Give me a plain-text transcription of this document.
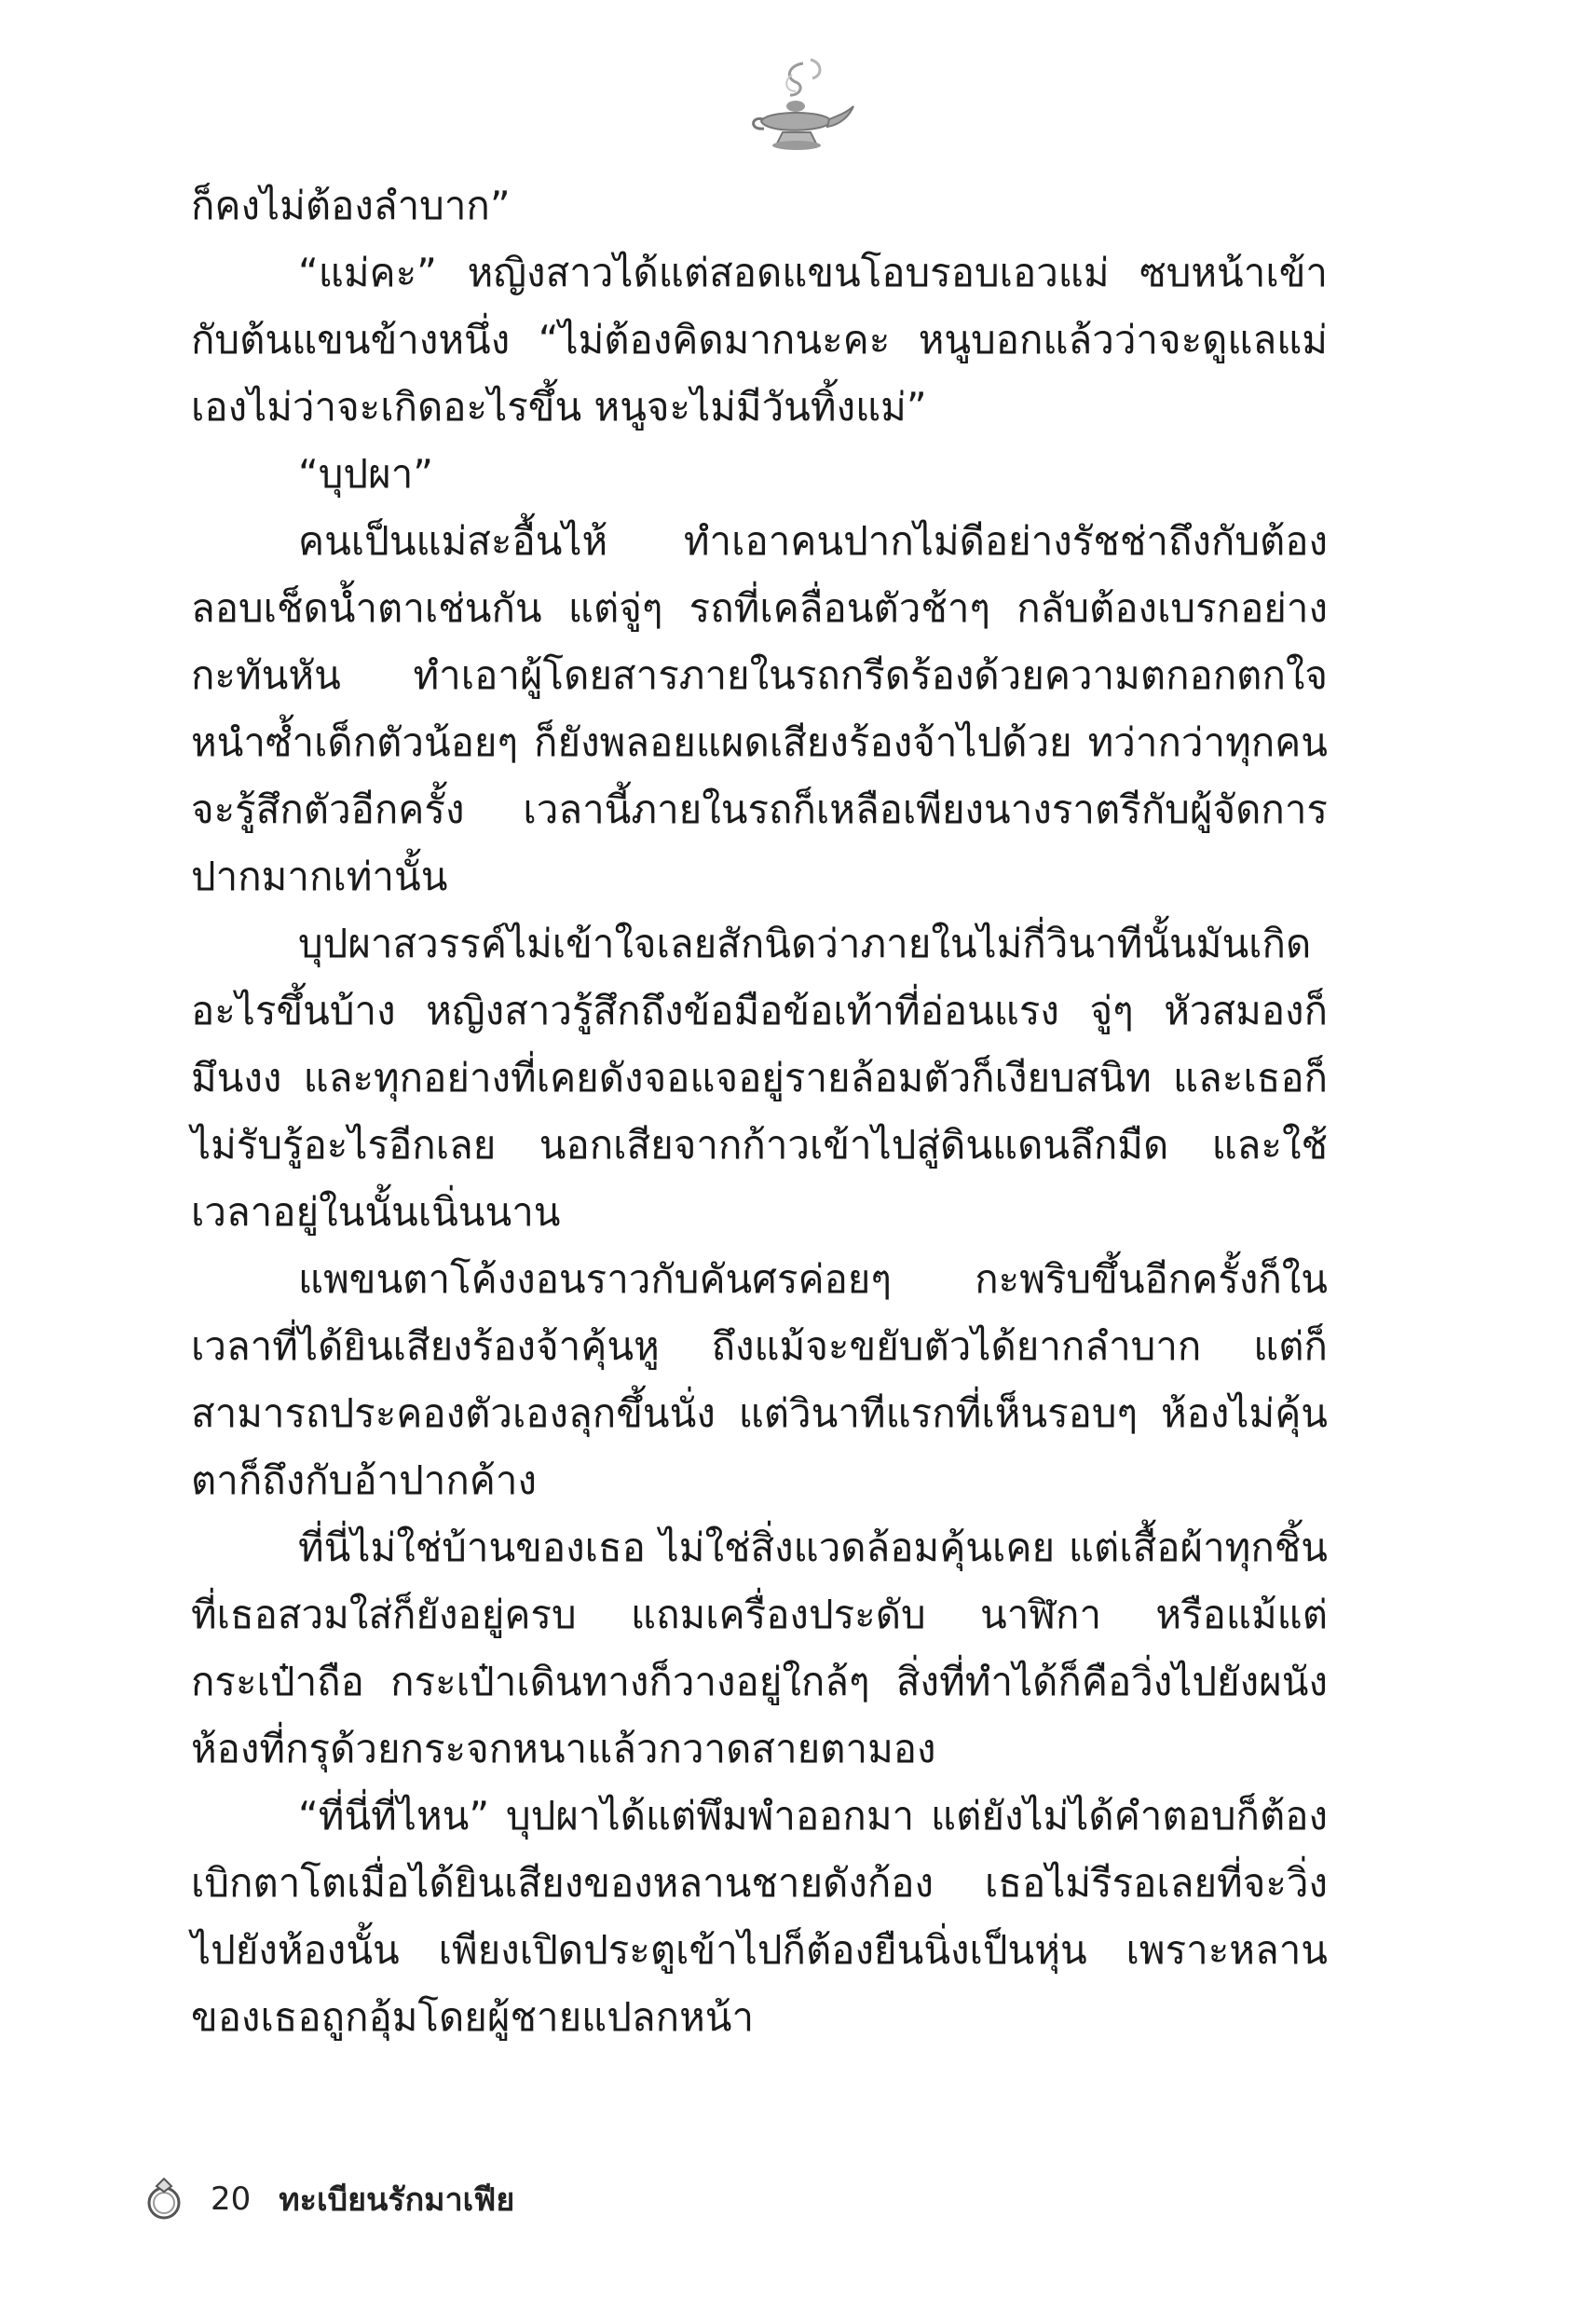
ก็คงไม่ต้องลำบาก”

“แม่คะ” หญิงสาวได้แต่สอดแขนโอบรอบเอวแม่ ซบหน้าเข้ากับต้นแขนข้างหนึ่ง “ไม่ต้องคิดมากนะคะ หนูบอกแล้วว่าจะดูแลแม่เองไม่ว่าจะเกิดอะไรขึ้น หนูจะไม่มีวันทิ้งแม่”

“บุปผา”

คนเป็นแม่สะอื้นไห้ ทำเอาคนปากไม่ดีอย่างรัชช่าถึงกับต้องลอบเช็ดน้ำตาเช่นกัน แต่จู่ๆ รถที่เคลื่อนตัวช้าๆ กลับต้องเบรกอย่างกะทันหัน ทำเอาผู้โดยสารภายในรถกรีดร้องด้วยความตกอกตกใจหนำซ้ำเด็กตัวน้อยๆ ก็ยังพลอยแผดเสียงร้องจ้าไปด้วย ทว่ากว่าทุกคนจะรู้สึกตัวอีกครั้ง เวลานี้ภายในรถก็เหลือเพียงนางราตรีกับผู้จัดการปากมากเท่านั้น

บุปผาสวรรค์ไม่เข้าใจเลยสักนิดว่าภายในไม่กี่วินาทีนั้นมันเกิดอะไรขึ้นบ้าง หญิงสาวรู้สึกถึงข้อมือข้อเท้าที่อ่อนแรง จู่ๆ หัวสมองก็มึนงง และทุกอย่างที่เคยดังจอแจอยู่รายล้อมตัวก็เงียบสนิท และเธอก็ไม่รับรู้อะไรอีกเลย นอกเสียจากก้าวเข้าไปสู่ดินแดนลึกมืด และใช้เวลาอยู่ในนั้นเนิ่นนาน

แพขนตาโค้งงอนราวกับคันศรค่อยๆ กะพริบขึ้นอีกครั้งก็ในเวลาที่ได้ยินเสียงร้องจ้าคุ้นหู ถึงแม้จะขยับตัวได้ยากลำบาก แต่ก็สามารถประคองตัวเองลุกขึ้นนั่ง แต่วินาทีแรกที่เห็นรอบๆ ห้องไม่คุ้นตาก็ถึงกับอ้าปากค้าง

ที่นี่ไม่ใช่บ้านของเธอ ไม่ใช่สิ่งแวดล้อมคุ้นเคย แต่เสื้อผ้าทุกชิ้นที่เธอสวมใส่ก็ยังอยู่ครบ แถมเครื่องประดับ นาฬิกา หรือแม้แต่กระเป๋าถือ กระเป๋าเดินทางก็วางอยู่ใกล้ๆ สิ่งที่ทำได้ก็คือวิ่งไปยังผนังห้องที่กรุด้วยกระจกหนาแล้วกวาดสายตามอง

“ที่นี่ที่ไหน” บุปผาได้แต่พึมพำออกมา แต่ยังไม่ได้คำตอบก็ต้องเบิกตาโตเมื่อได้ยินเสียงของหลานชายดังก้อง เธอไม่รีรอเลยที่จะวิ่งไปยังห้องนั้น เพียงเปิดประตูเข้าไปก็ต้องยืนนิ่งเป็นหุ่น เพราะหลานของเธอถูกอุ้มโดยผู้ชายแปลกหน้า

20 ทะเบียนรักมาเฟีย
